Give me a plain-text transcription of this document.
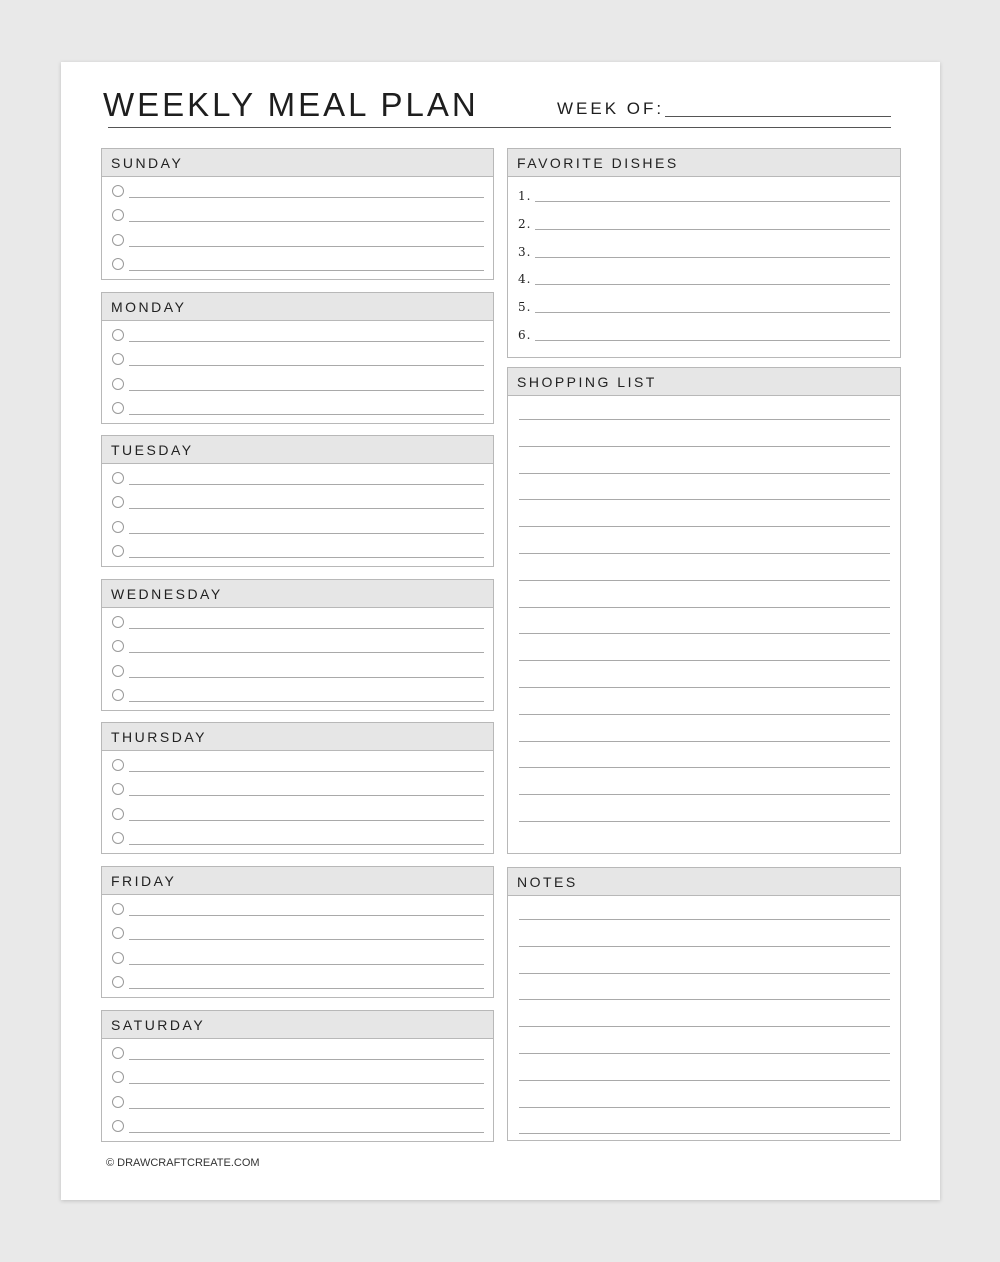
WEEKLY MEAL PLAN	WEEK OF:
SUNDAY
MONDAY
TUESDAY
WEDNESDAY
THURSDAY
FRIDAY
SATURDAY
FAVORITE DISHES
1.
2.
3.
4.
5.
6.
SHOPPING LIST
NOTES
© DRAWCRAFTCREATE.COM
